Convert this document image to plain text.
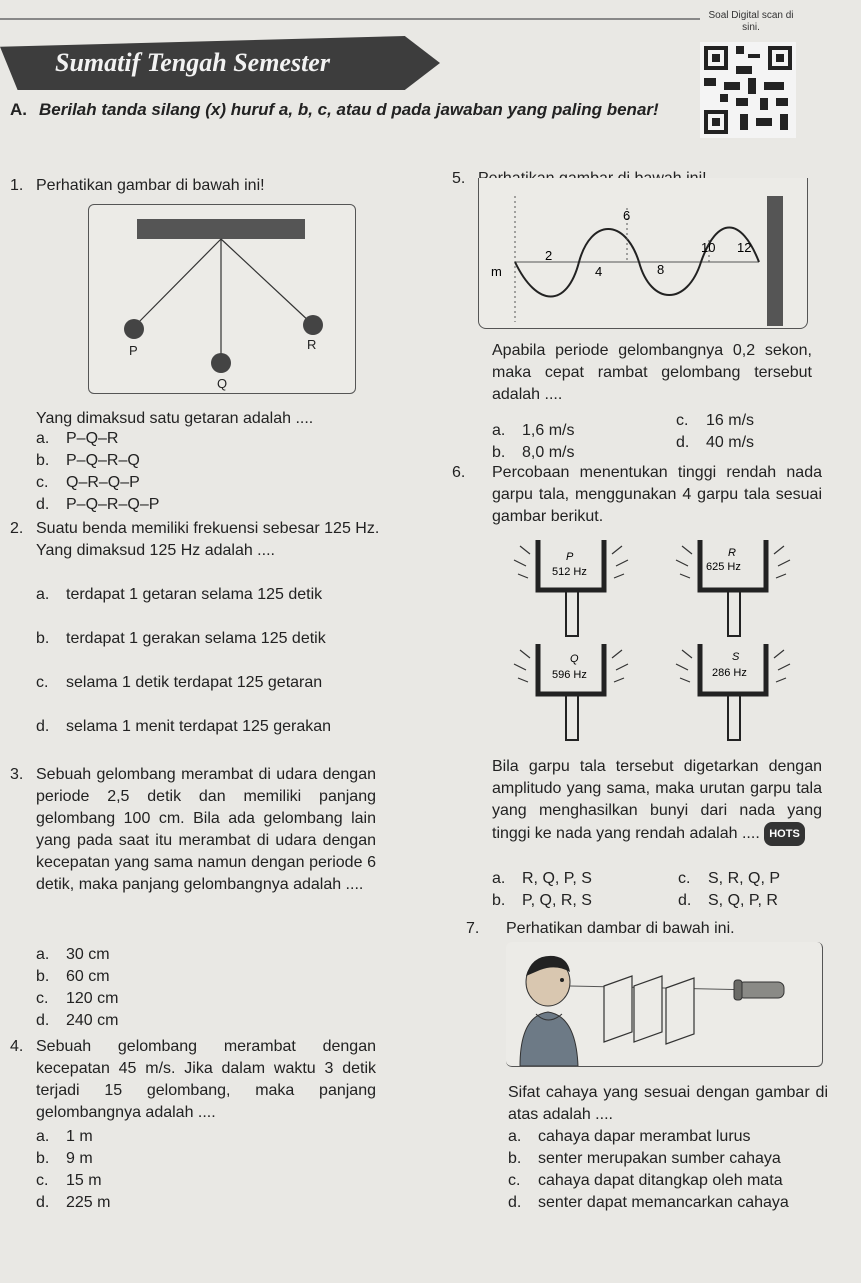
Sumatif Tengah Semester
Soal Digital scan di sini.
A. Berilah tanda silang (x) huruf a, b, c, atau d pada jawaban yang paling benar!
1. Perhatikan gambar di bawah ini!
P
Q
R
Yang dimaksud satu getaran adalah ....
a. P–Q–R
b. P–Q–R–Q
c. Q–R–Q–P
d. P–Q–R–Q–P
2. Suatu benda memiliki frekuensi sebesar 125 Hz. Yang dimaksud 125 Hz adalah ....
a.	terdapat 1 getaran selama 125 detik
b.	terdapat 1 gerakan selama 125 detik
c.	selama 1 detik terdapat 125 getaran
d.	selama 1 menit terdapat 125 gerakan
3. Sebuah gelombang merambat di udara dengan periode 2,5 detik dan memiliki panjang gelombang 100 cm. Bila ada gelombang lain yang pada saat itu merambat di udara dengan kecepatan yang sama namun dengan periode 6 detik, maka panjang gelombangnya adalah ....
a. 30 cm
b. 60 cm
c. 120 cm
d. 240 cm
4. Sebuah gelombang merambat dengan kecepatan 45 m/s. Jika dalam waktu 3 detik terjadi 15 gelombang, maka panjang gelombangnya adalah ....
a. 1 m
b. 9 m
c. 15 m
d. 225 m
5.
m
2
4
6
8
10 12
Apabila periode gelombangnya 0,2 sekon, maka cepat rambat gelombang tersebut adalah ....
a. 1,6 m/s
b. 8,0 m/s
c. 16 m/s
d. 40 m/s
6.	Percobaan menentukan tinggi rendah nada garpu tala, menggunakan 4 garpu tala sesuai gambar berikut.
P
512 Hz
R
625 Hz
Q
596 Hz
S
286 Hz
Bila garpu tala tersebut digetarkan dengan amplitudo yang sama, maka urutan garpu tala yang menghasilkan bunyi dari nada yang tinggi ke nada yang rendah adalah .... HOTS
a. R, Q, P, S
b. P, Q, R, S
c. S, R, Q, P
d. S, Q, P, R
7. Perhatikan dambar di bawah ini.
Sifat cahaya yang sesuai dengan gambar di atas adalah ....
a. cahaya dapar merambat lurus
b. senter merupakan sumber cahaya
c. cahaya dapat ditangkap oleh mata
d.	senter dapat memancarkan cahaya
